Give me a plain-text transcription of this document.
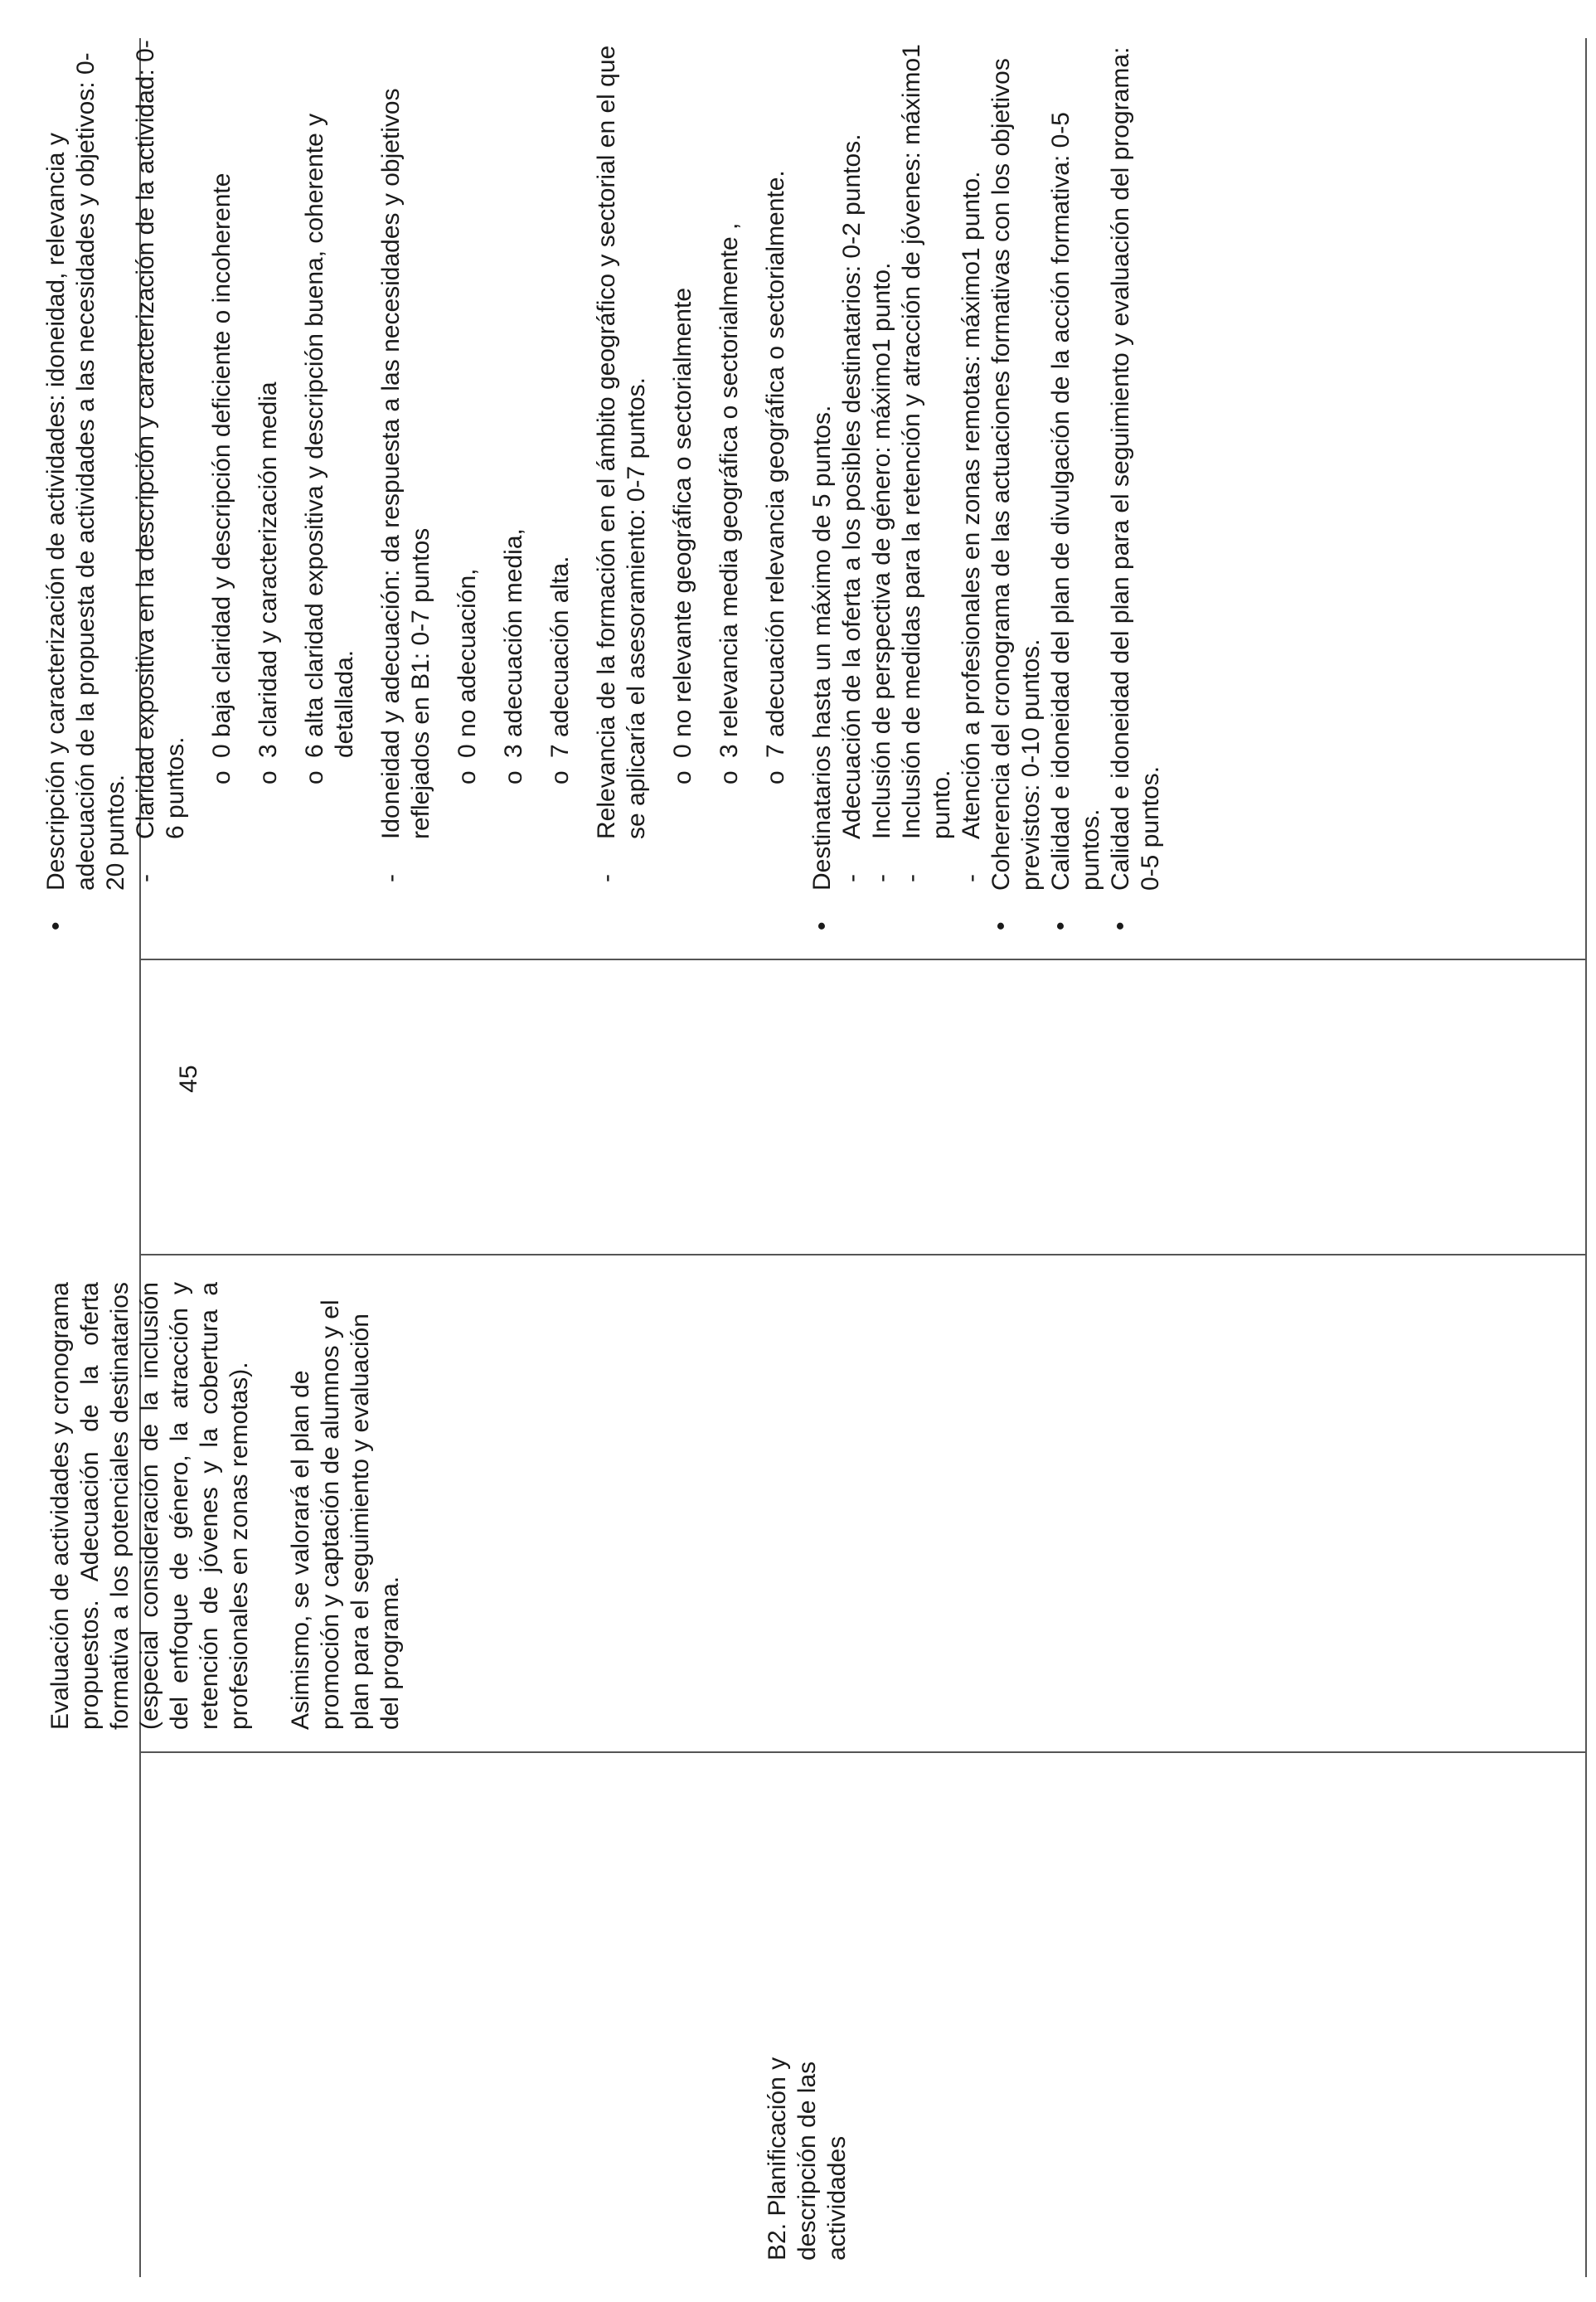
B2. Planificación y descripción de las actividades

Evaluación de actividades y cronograma propuestos. Adecuación de la oferta formativa a los potenciales destinatarios (especial consideración de la inclusión del enfoque de género, la atracción y retención de jóvenes y la cobertura a profesionales en zonas remotas). Asimismo, se valorará el plan de promoción y captación de alumnos y el plan para el seguimiento y evaluación del programa.

45
• Descripción y caracterización de actividades: idoneidad, relevancia y adecuación de la propuesta de actividades a las necesidades y objetivos: 0-20 puntos. - Claridad expositiva en la descripción y caracterización de la actividad: 0-6 puntos.
o 0 baja claridad y descripción deficiente o incoherente o 3 claridad y caracterización media o 6 alta claridad expositiva y descripción buena, coherente y detallada. - Idoneidad y adecuación: da respuesta a las necesidades y objetivos reflejados en B1: 0-7 puntos o 0 no adecuación, o 3 adecuación media, o 7 adecuación alta. - Relevancia de la formación en el ámbito geográfico y sectorial en el que se aplicaría el asesoramiento: 0-7 puntos. o 0 no relevante geográfica o sectorialmente o 3 relevancia media geográfica o sectorialmente , o 7 adecuación relevancia geográfica o sectorialmente. • Destinatarios hasta un máximo de 5 puntos. - Adecuación de la oferta a los posibles destinatarios: 0-2 puntos. - Inclusión de perspectiva de género: máximo1 punto. - Inclusión de medidas para la retención y atracción de jóvenes: máximo1 punto. - Atención a profesionales en zonas remotas: máximo1 punto. • Coherencia del cronograma de las actuaciones formativas con los objetivos previstos: 0-10 puntos. • Calidad e idoneidad del plan de divulgación de la acción formativa: 0-5 puntos. • Calidad e idoneidad del plan para el seguimiento y evaluación del programa: 0-5 puntos.
